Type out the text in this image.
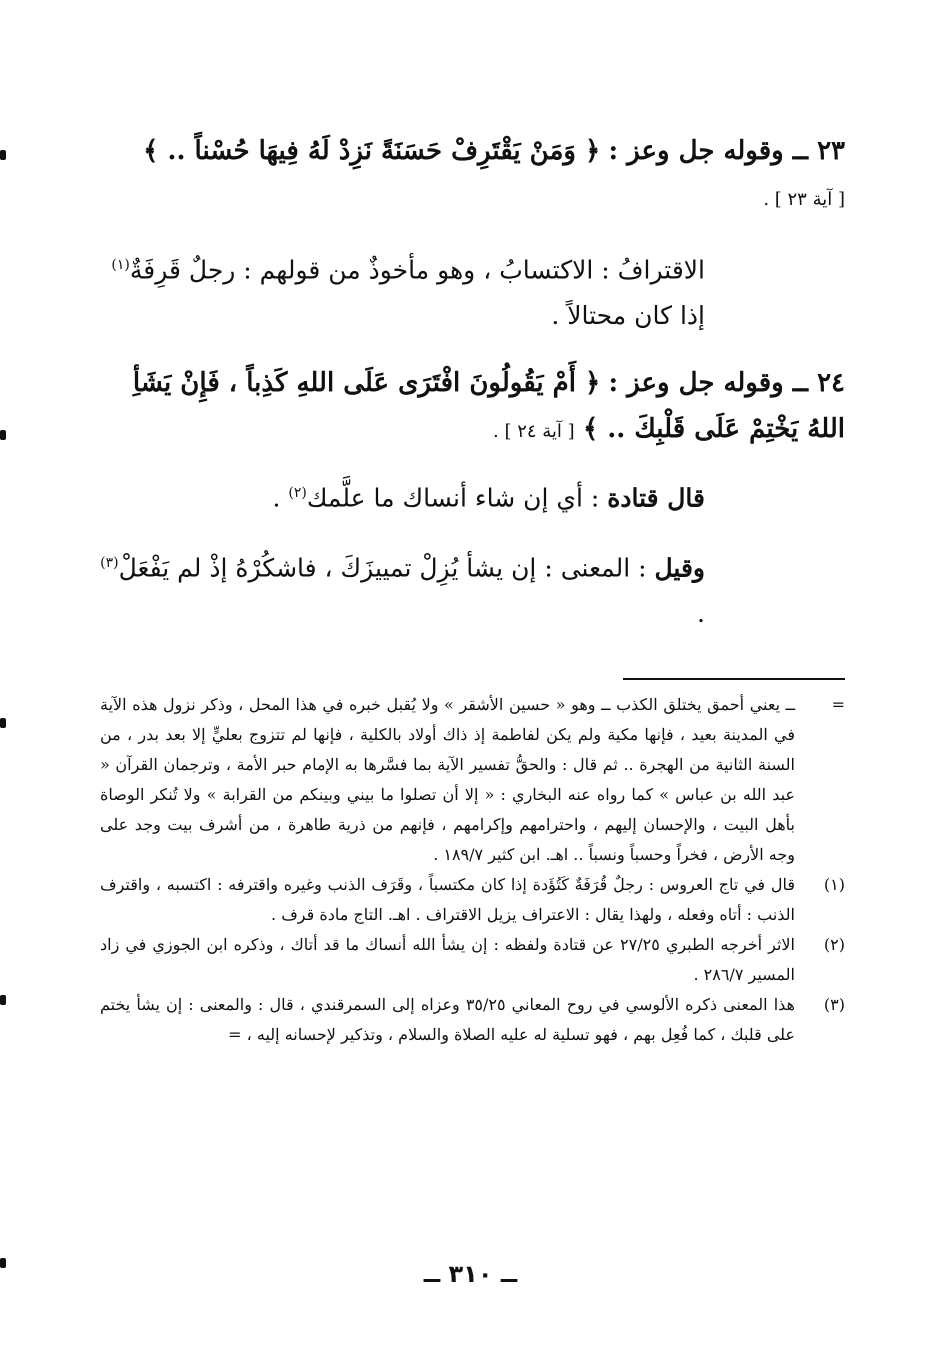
٢٣ ــ وقوله جل وعز : ﴿ وَمَنْ يَقْتَرِفْ حَسَنَةً نَزِدْ لَهُ فِيهَا حُسْناً .. ﴾
[ آية ٢٣ ] .
الاقترافُ : الاكتسابُ ، وهو مأخوذٌ من قولهم : رجلٌ قَرِفَةٌ$^{(١)}$
إذا كان محتالاً .
٢٤ ــ وقوله جل وعز : ﴿ أَمْ يَقُولُونَ افْتَرَى عَلَى اللهِ كَذِباً ، فَإِنْ يَشَأِ اللهُ يَخْتِمْ عَلَى قَلْبِكَ .. ﴾ [ آية ٢٤ ] .
قال قتادة : أي إن شاء أنساك ما علَّمك$^{(٢)}$ .
وقيل : المعنى : إن يشأ يُزِلْ تمييزَكَ ، فاشكُرْهُ إذْ لم يَفْعَلْ$^{(٣)}$ .
=
ــ يعني أحمق يختلق الكذب ــ وهو « حسين الأشقر » ولا يُقبل خبره في هذا المحل ، وذكر نزول هذه الآية في المدينة بعيد ، فإنها مكية ولم يكن لفاطمة إذ ذاك أولاد بالكلية ، فإنها لم تتزوج بعليٍّ إلا بعد بدر ، من السنة الثانية من الهجرة .. ثم قال : والحقُّ تفسير الآية بما فسَّرها به الإمام حبر الأمة ، وترجمان القرآن « عبد الله بن عباس » كما رواه عنه البخاري : « إلا أن تصلوا ما بيني وبينكم من القرابة » ولا تُنكر الوصاة بأهل البيت ، والإحسان إليهم ، واحترامهم وإكرامهم ، فإنهم من ذرية طاهرة ، من أشرف بيت وجد على وجه الأرض ، فخراً وحسباً ونسباً .. اهـ. ابن كثير ١٨٩/٧ .
(١)
قال في تاج العروس : رجلٌ قُرَفَةٌ كَتُؤَدة إذا كان مكتسباً ، وقَرَف الذنب وغيره واقترفه : اكتسبه ، واقترف الذنب : أتاه وفعله ، ولهذا يقال : الاعتراف يزيل الاقتراف . اهـ. التاج مادة قرف .
(٢)
الاثر أخرجه الطبري ٢٧/٢٥ عن قتادة ولفظه : إن يشأ الله أنساك ما قد أتاك ، وذكره ابن الجوزي في زاد المسير ٢٨٦/٧ .
(٣)
هذا المعنى ذكره الألوسي في روح المعاني ٣٥/٢٥ وعزاه إلى السمرقندي ، قال : والمعنى : إن يشأ يختم على قلبك ، كما فُعِل بهم ، فهو تسلية له عليه الصلاة والسلام ، وتذكير لإحسانه إليه ، =
ــ ٣١٠ ــ
